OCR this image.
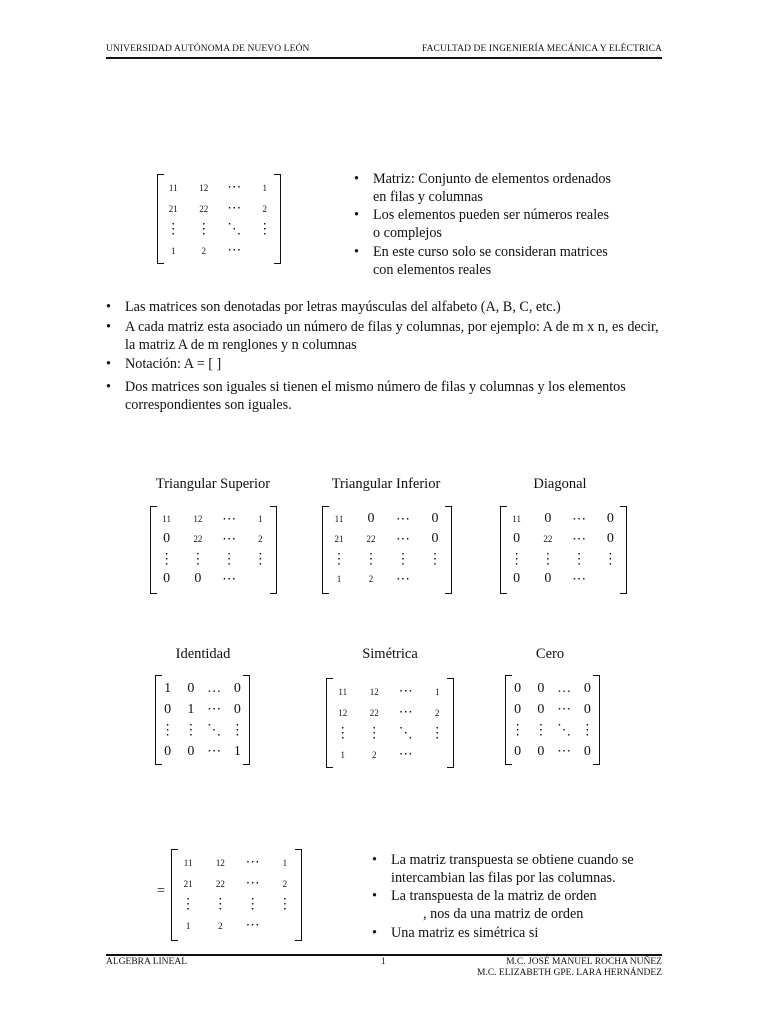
UNIVERSIDAD AUTÓNOMA DE NUEVO LEÓN	FACULTAD DE INGENIERÍA MECÁNICA Y ELÉCTRICA
11	12	⋯	1
21	22	⋯	2
⋮	⋮	⋱	⋮
1	2	⋯
• Matriz: Conjunto de elementos ordenados en filas y columnas
• Los elementos pueden ser números reales o complejos
• En este curso solo se consideran matrices con elementos reales
• Las matrices son denotadas por letras mayúsculas del alfabeto (A, B, C, etc.)
• A cada matriz esta asociado un número de filas y columnas, por ejemplo: A de m x n, es decir, la matriz A de m renglones y n columnas
• Notación: A = [ ]
• Dos matrices son iguales si tienen el mismo número de filas y columnas y los elementos correspondientes son iguales.
Triangular Superior	Triangular Inferior	Diagonal
11	12	⋯	1
0	22	⋯	2
⋮	⋮	⋮	⋮
0	0	⋯
11	0	⋯	0
21	22	⋯	0
⋮	⋮	⋮	⋮
1	2	⋯
11	0	⋯	0
0	22	⋯	0
⋮	⋮	⋮	⋮
0	0	⋯
Identidad	Simétrica	Cero
1	0 … 0
0	1 ⋯ 0
⋮ ⋮ ⋱ ⋮
0	0 ⋯ 1
11	12	⋯	1
12	22	⋯	2
⋮	⋮	⋱	⋮
1	2	⋯
0	0 … 0
0	0 ⋯ 0
⋮ ⋮ ⋱ ⋮
0	0 ⋯ 0
=
11	12	⋯	1
21	22	⋯	2
⋮	⋮	⋮	⋮
1	2	⋯
• La matriz transpuesta se obtiene cuando se intercambian las filas por las columnas.
• La transpuesta de la matriz de orden
, nos da una matriz de orden
• Una matriz es simétrica si
ALGEBRA LINEAL	1	M.C. JOSÉ MANUEL ROCHA NUÑEZ
M.C. ELIZABETH GPE. LARA HERNÁNDEZ
